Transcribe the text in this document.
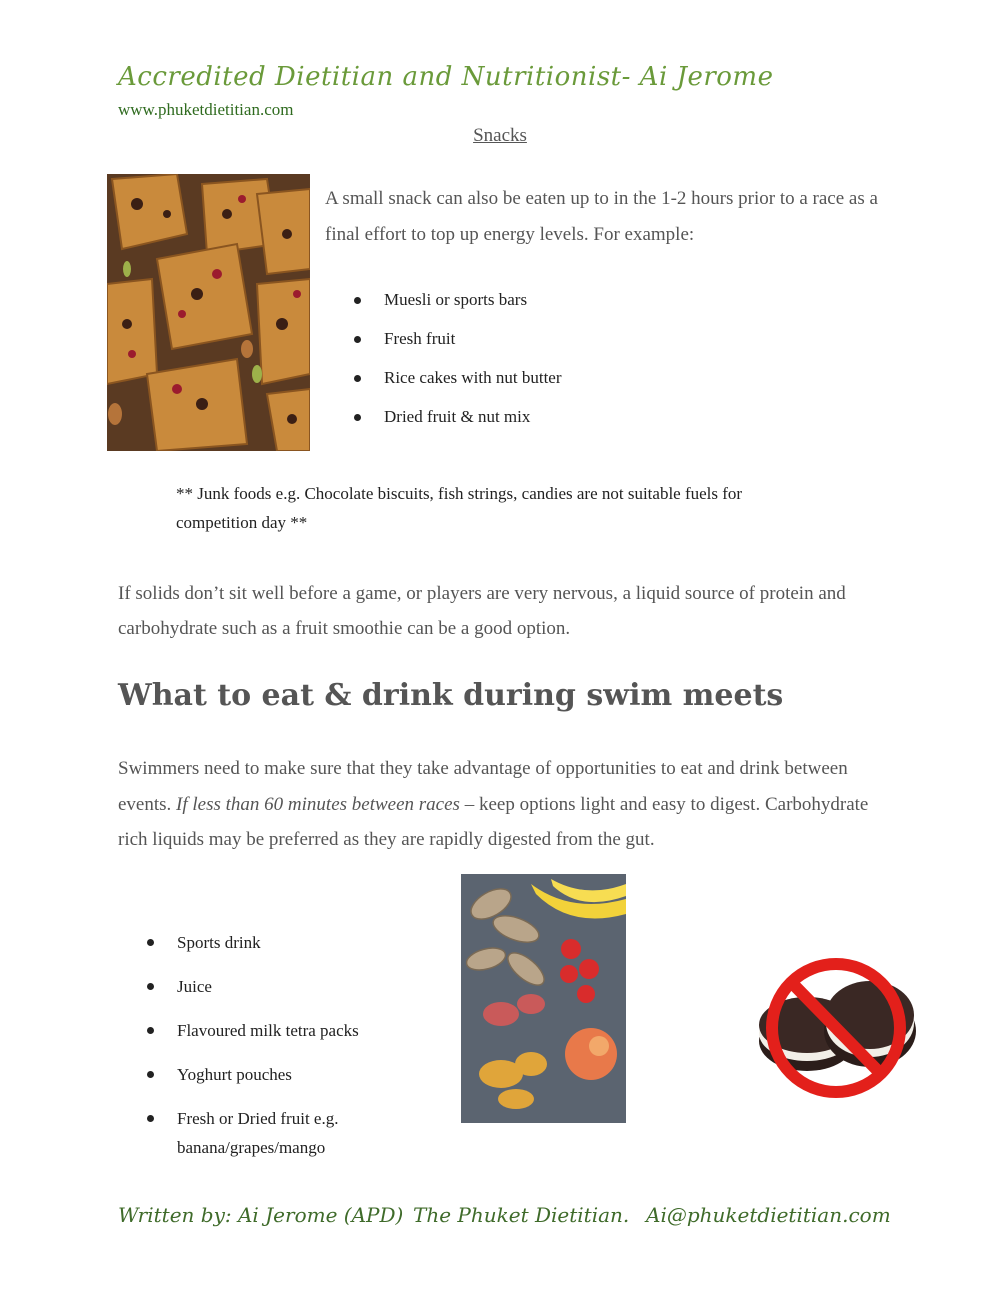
Accredited Dietitian and Nutritionist- Ai Jerome
www.phuketdietitian.com
Snacks
A small snack can also be eaten up to in the 1-2 hours prior to a race as a final effort to top up energy levels. For example:
Muesli or sports bars
Fresh fruit
Rice cakes with nut butter
Dried fruit & nut mix
** Junk foods e.g. Chocolate biscuits, fish strings, candies are not suitable fuels for competition day **
If solids don’t sit well before a game, or players are very nervous, a liquid source of protein and carbohydrate such as a fruit smoothie can be a good option.
What to eat & drink during swim meets
Swimmers need to make sure that they take advantage of opportunities to eat and drink between events. If less than 60 minutes between races – keep options light and easy to digest. Carbohydrate rich liquids may be preferred as they are rapidly digested from the gut.
Sports drink
Juice
Flavoured milk tetra packs
Yoghurt pouches
Fresh or Dried fruit e.g. banana/grapes/mango
Written by: Ai Jerome (APD) The Phuket Dietitian. Ai@phuketdietitian.com
